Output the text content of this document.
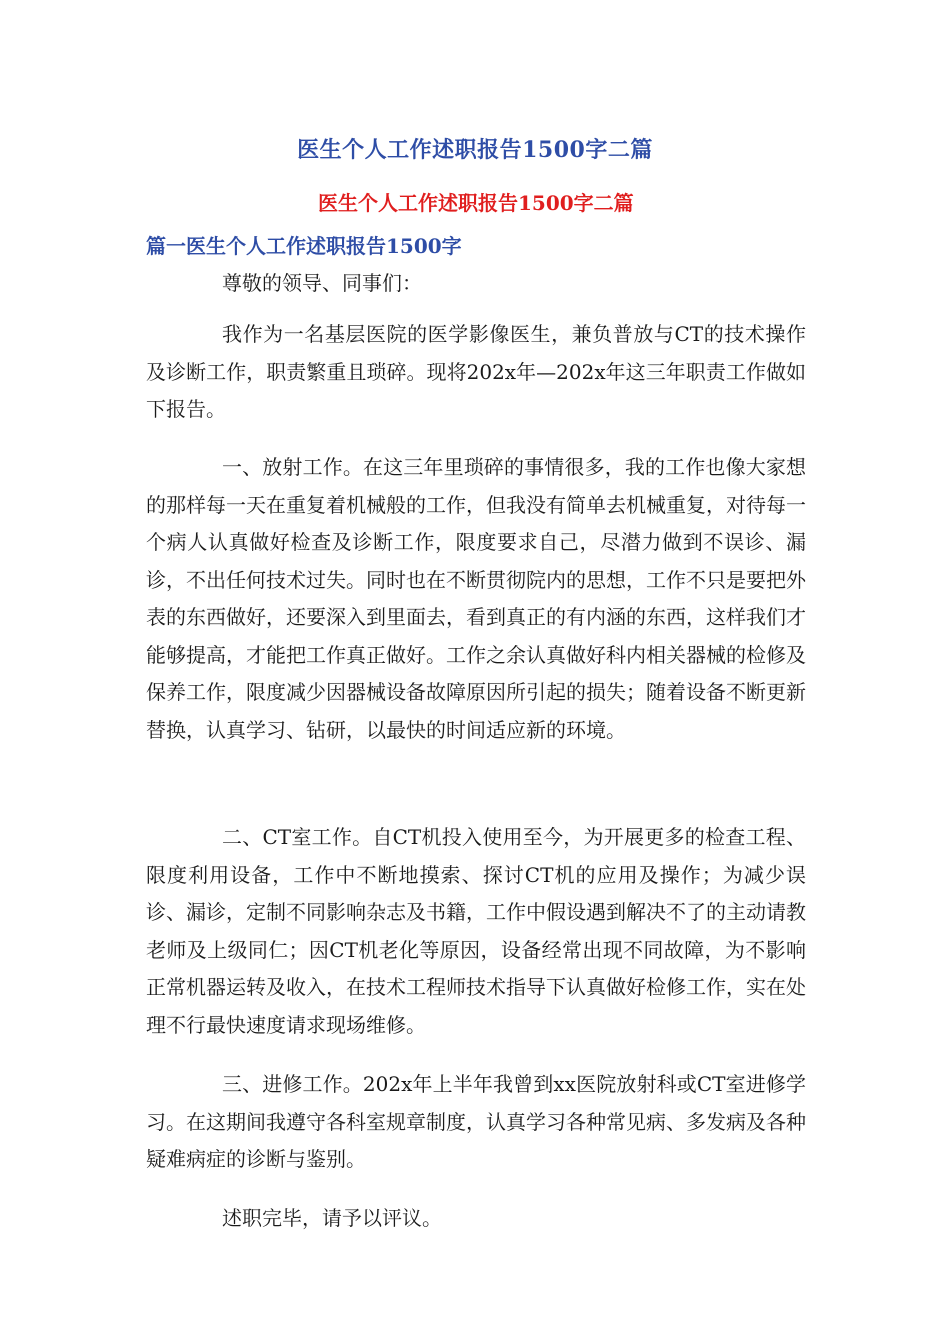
医生个人工作述职报告1500字二篇
医生个人工作述职报告1500字二篇
篇一医生个人工作述职报告1500字

尊敬的领导、同事们：

我作为一名基层医院的医学影像医生，兼负普放与CT的技术操作及诊断工作，职责繁重且琐碎。现将202x年—202x年这三年职责工作做如下报告。

一、放射工作。在这三年里琐碎的事情很多，我的工作也像大家想的那样每一天在重复着机械般的工作，但我没有简单去机械重复，对待每一个病人认真做好检查及诊断工作，限度要求自己，尽潜力做到不误诊、漏诊，不出任何技术过失。同时也在不断贯彻院内的思想，工作不只是要把外表的东西做好，还要深入到里面去，看到真正的有内涵的东西，这样我们才能够提高，才能把工作真正做好。工作之余认真做好科内相关器械的检修及保养工作，限度减少因器械设备故障原因所引起的损失；随着设备不断更新替换，认真学习、钻研，以最快的时间适应新的环境。

二、CT室工作。自CT机投入使用至今，为开展更多的检查工程、限度利用设备，工作中不断地摸索、探讨CT机的应用及操作；为减少误诊、漏诊，定制不同影响杂志及书籍，工作中假设遇到解决不了的主动请教老师及上级同仁；因CT机老化等原因，设备经常出现不同故障，为不影响正常机器运转及收入，在技术工程师技术指导下认真做好检修工作，实在处理不行最快速度请求现场维修。

三、进修工作。202x年上半年我曾到xx医院放射科或CT室进修学习。在这期间我遵守各科室规章制度，认真学习各种常见病、多发病及各种疑难病症的诊断与鉴别。

述职完毕，请予以评议。
